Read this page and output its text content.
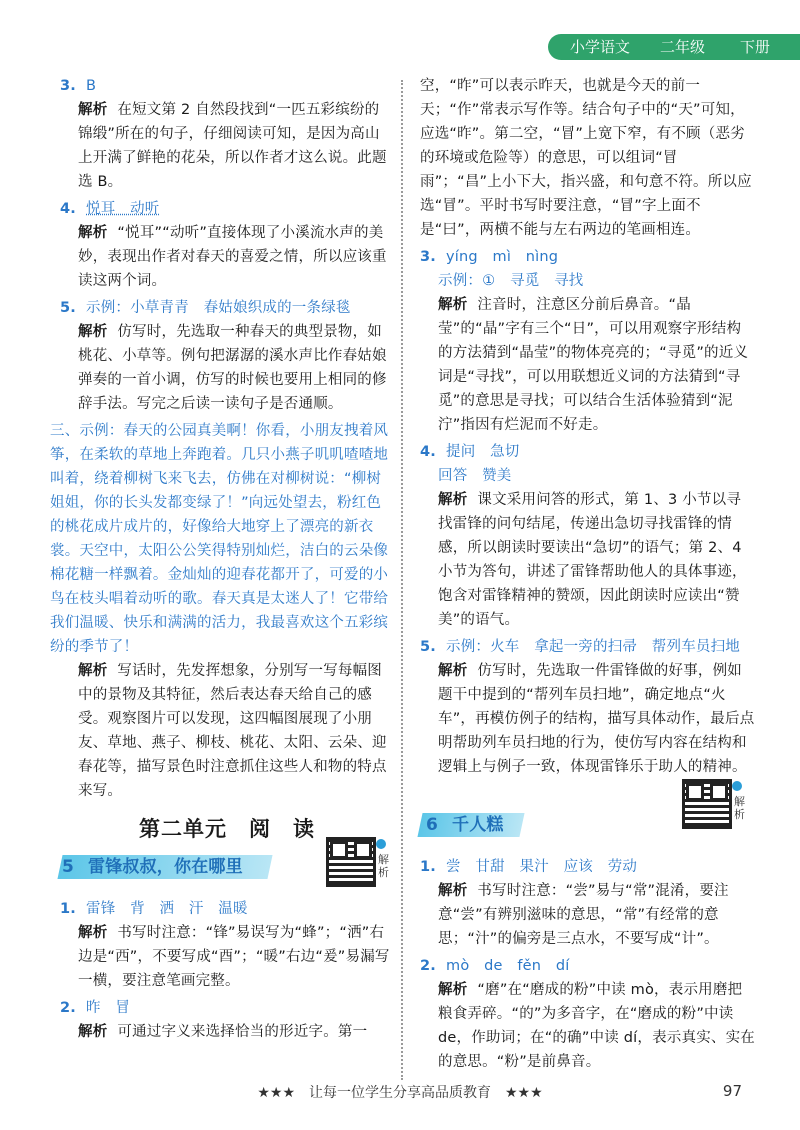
小学语文 二年级 下册
3. B
解析 在短文第 2 自然段找到“一匹五彩缤纷的锦缎”所在的句子，仔细阅读可知，是因为高山上开满了鲜艳的花朵，所以作者才这么说。此题选 B。
4. 悦耳　动听
解析 “悦耳”“动听”直接体现了小溪流水声的美妙，表现出作者对春天的喜爱之情，所以应该重读这两个词。
5. 示例：小草青青　春姑娘织成的一条绿毯
解析 仿写时，先选取一种春天的典型景物，如桃花、小草等。例句把潺潺的溪水声比作春姑娘弹奏的一首小调，仿写的时候也要用上相同的修辞手法。写完之后读一读句子是否通顺。
三、示例：春天的公园真美啊！你看，小朋友拽着风筝，在柔软的草地上奔跑着。几只小燕子叽叽喳喳地叫着，绕着柳树飞来飞去，仿佛在对柳树说：“柳树姐姐，你的长头发都变绿了！”向远处望去，粉红色的桃花成片成片的，好像给大地穿上了漂亮的新衣裳。天空中，太阳公公笑得特别灿烂，洁白的云朵像棉花糖一样飘着。金灿灿的迎春花都开了，可爱的小鸟在枝头唱着动听的歌。春天真是太迷人了！它带给我们温暖、快乐和满满的活力，我最喜欢这个五彩缤纷的季节了！
解析 写话时，先发挥想象，分别写一写每幅图中的景物及其特征，然后表达春天给自己的感受。观察图片可以发现，这四幅图展现了小朋友、草地、燕子、柳枝、桃花、太阳、云朵、迎春花等，描写景色时注意抓住这些人和物的特点来写。
第二单元　阅　读
5 雷锋叔叔，你在哪里	解析
1. 雷锋　背　洒　汗　温暖
解析 书写时注意：“锋”易误写为“蜂”；“洒”右边是“西”，不要写成“酉”；“暖”右边“爰”易漏写一横，要注意笔画完整。
2. 昨　冒
解析 可通过字义来选择恰当的形近字。第一
空，“昨”可以表示昨天，也就是今天的前一天；“作”常表示写作等。结合句子中的“天”可知，应选“昨”。第二空，“冒”上宽下窄，有不顾（恶劣的环境或危险等）的意思，可以组词“冒雨”；“昌”上小下大，指兴盛，和句意不符。所以应选“冒”。平时书写时要注意，“冒”字上面不是“曰”，两横不能与左右两边的笔画相连。
3. yíng　mì　nìng
示例：①　寻觅　寻找
解析 注音时，注意区分前后鼻音。“晶莹”的“晶”字有三个“日”，可以用观察字形结构的方法猜到“晶莹”的物体亮亮的；“寻觅”的近义词是“寻找”，可以用联想近义词的方法猜到“寻觅”的意思是寻找；可以结合生活体验猜到“泥泞”指因有烂泥而不好走。
4. 提问　急切
回答　赞美
解析 课文采用问答的形式，第 1、3 小节以寻找雷锋的问句结尾，传递出急切寻找雷锋的情感，所以朗读时要读出“急切”的语气；第 2、4 小节为答句，讲述了雷锋帮助他人的具体事迹，饱含对雷锋精神的赞颂，因此朗读时应读出“赞美”的语气。
5. 示例：火车　拿起一旁的扫帚　帮列车员扫地
解析 仿写时，先选取一件雷锋做的好事，例如题干中提到的“帮列车员扫地”，确定地点“火车”，再模仿例子的结构，描写具体动作，最后点明帮助列车员扫地的行为，使仿写内容在结构和逻辑上与例子一致，体现雷锋乐于助人的精神。
6 千人糕
解析
1. 尝　甘甜　果汁　应该　劳动
解析 书写时注意：“尝”易与“常”混淆，要注意“尝”有辨别滋味的意思，“常”有经常的意思；“汁”的偏旁是三点水，不要写成“计”。
2. mò　de　fěn　dí
解析 “磨”在“磨成的粉”中读 mò，表示用磨把粮食弄碎。“的”为多音字，在“磨成的粉”中读 de，作助词；在“的确”中读 dí，表示真实、实在的意思。“粉”是前鼻音。
★★★　让每一位学生分享高品质教育　★★★	97
